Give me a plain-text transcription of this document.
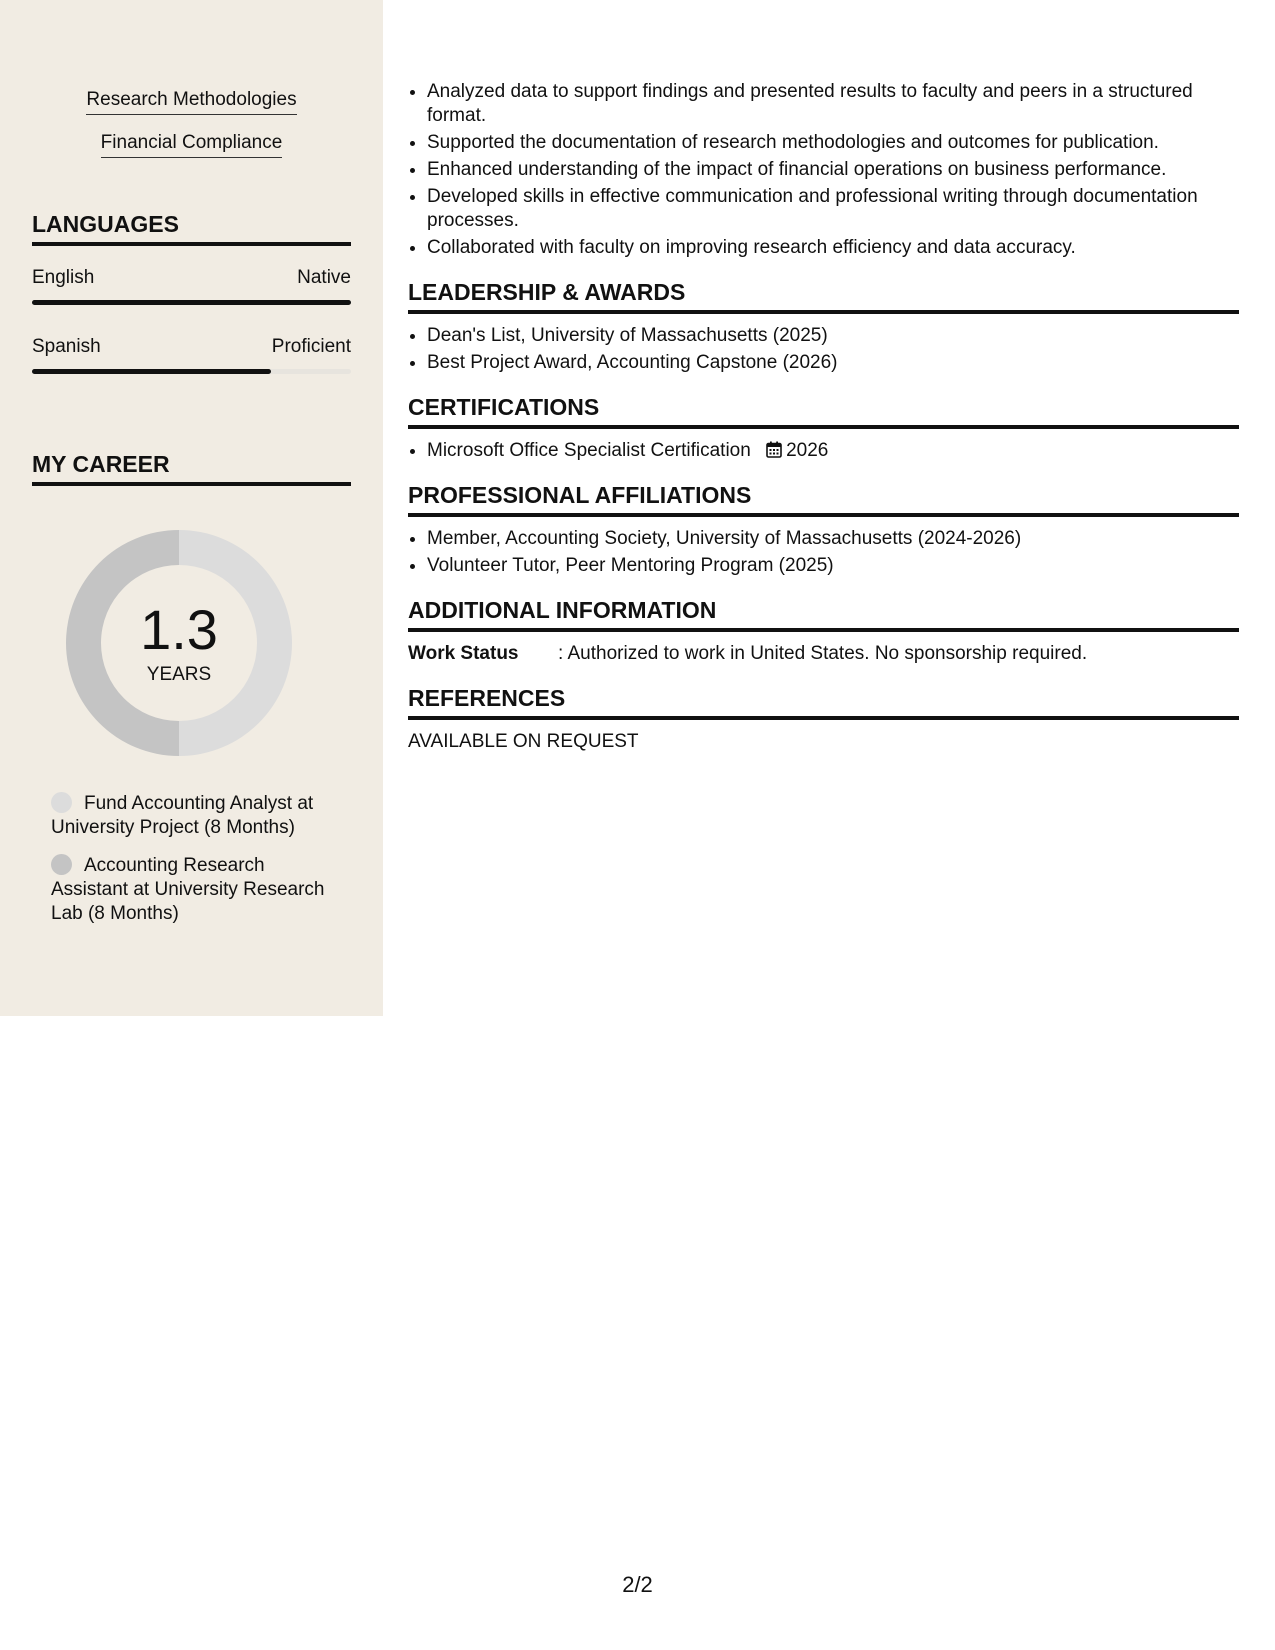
Research Methodologies
Financial Compliance
LANGUAGES
English	Native
Spanish	Proficient
MY CAREER
1.3
YEARS
Fund Accounting Analyst at University Project (8 Months)
Accounting Research Assistant at University Research Lab (8 Months)
• Analyzed data to support findings and presented results to faculty and peers in a structured format.
• Supported the documentation of research methodologies and outcomes for publication.
• Enhanced understanding of the impact of financial operations on business performance.
• Developed skills in effective communication and professional writing through documentation processes.
• Collaborated with faculty on improving research efficiency and data accuracy.
LEADERSHIP & AWARDS
• Dean's List, University of Massachusetts (2025)
• Best Project Award, Accounting Capstone (2026)
CERTIFICATIONS
• Microsoft Office Specialist Certification 2026
PROFESSIONAL AFFILIATIONS
• Member, Accounting Society, University of Massachusetts (2024-2026)
• Volunteer Tutor, Peer Mentoring Program (2025)
ADDITIONAL INFORMATION
Work Status	: Authorized to work in United States. No sponsorship required.
REFERENCES
AVAILABLE ON REQUEST
2/2
